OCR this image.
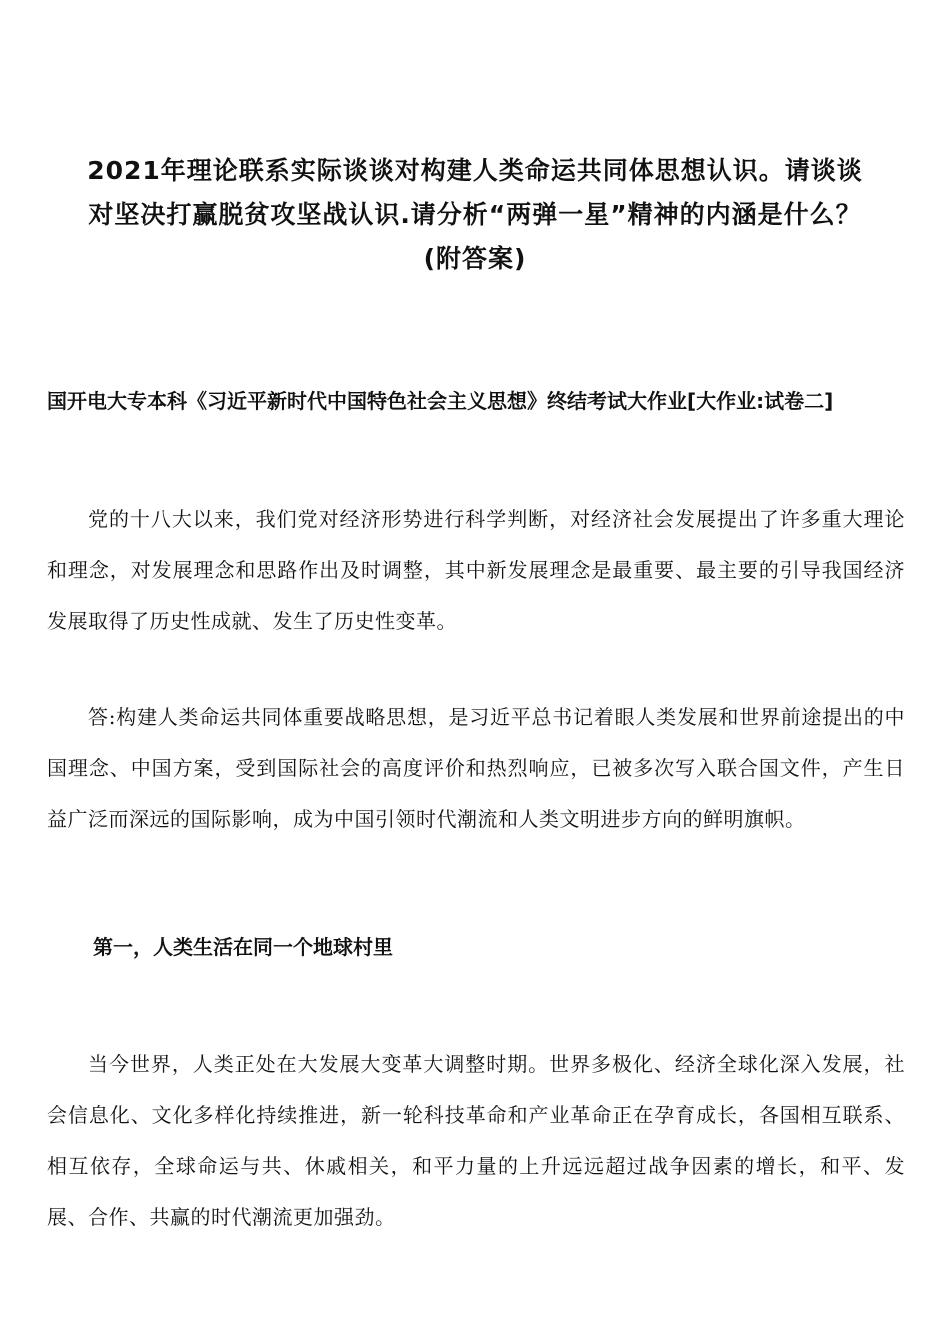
2021年理论联系实际谈谈对构建人类命运共同体思想认识。请谈谈
对坚决打赢脱贫攻坚战认识.请分析“两弹一星”精神的内涵是什么？
(附答案)
国开电大专本科《习近平新时代中国特色社会主义思想》终结考试大作业[大作业:试卷二]

党的十八大以来，我们党对经济形势进行科学判断，对经济社会发展提出了许多重大理论和理念，对发展理念和思路作出及时调整，其中新发展理念是最重要、最主要的引导我国经济发展取得了历史性成就、发生了历史性变革。

答:构建人类命运共同体重要战略思想，是习近平总书记着眼人类发展和世界前途提出的中国理念、中国方案，受到国际社会的高度评价和热烈响应，已被多次写入联合国文件，产生日益广泛而深远的国际影响，成为中国引领时代潮流和人类文明进步方向的鲜明旗帜。

第一，人类生活在同一个地球村里

当今世界，人类正处在大发展大变革大调整时期。世界多极化、经济全球化深入发展，社会信息化、文化多样化持续推进，新一轮科技革命和产业革命正在孕育成长，各国相互联系、相互依存，全球命运与共、休戚相关，和平力量的上升远远超过战争因素的增长，和平、发展、合作、共赢的时代潮流更加强劲。
